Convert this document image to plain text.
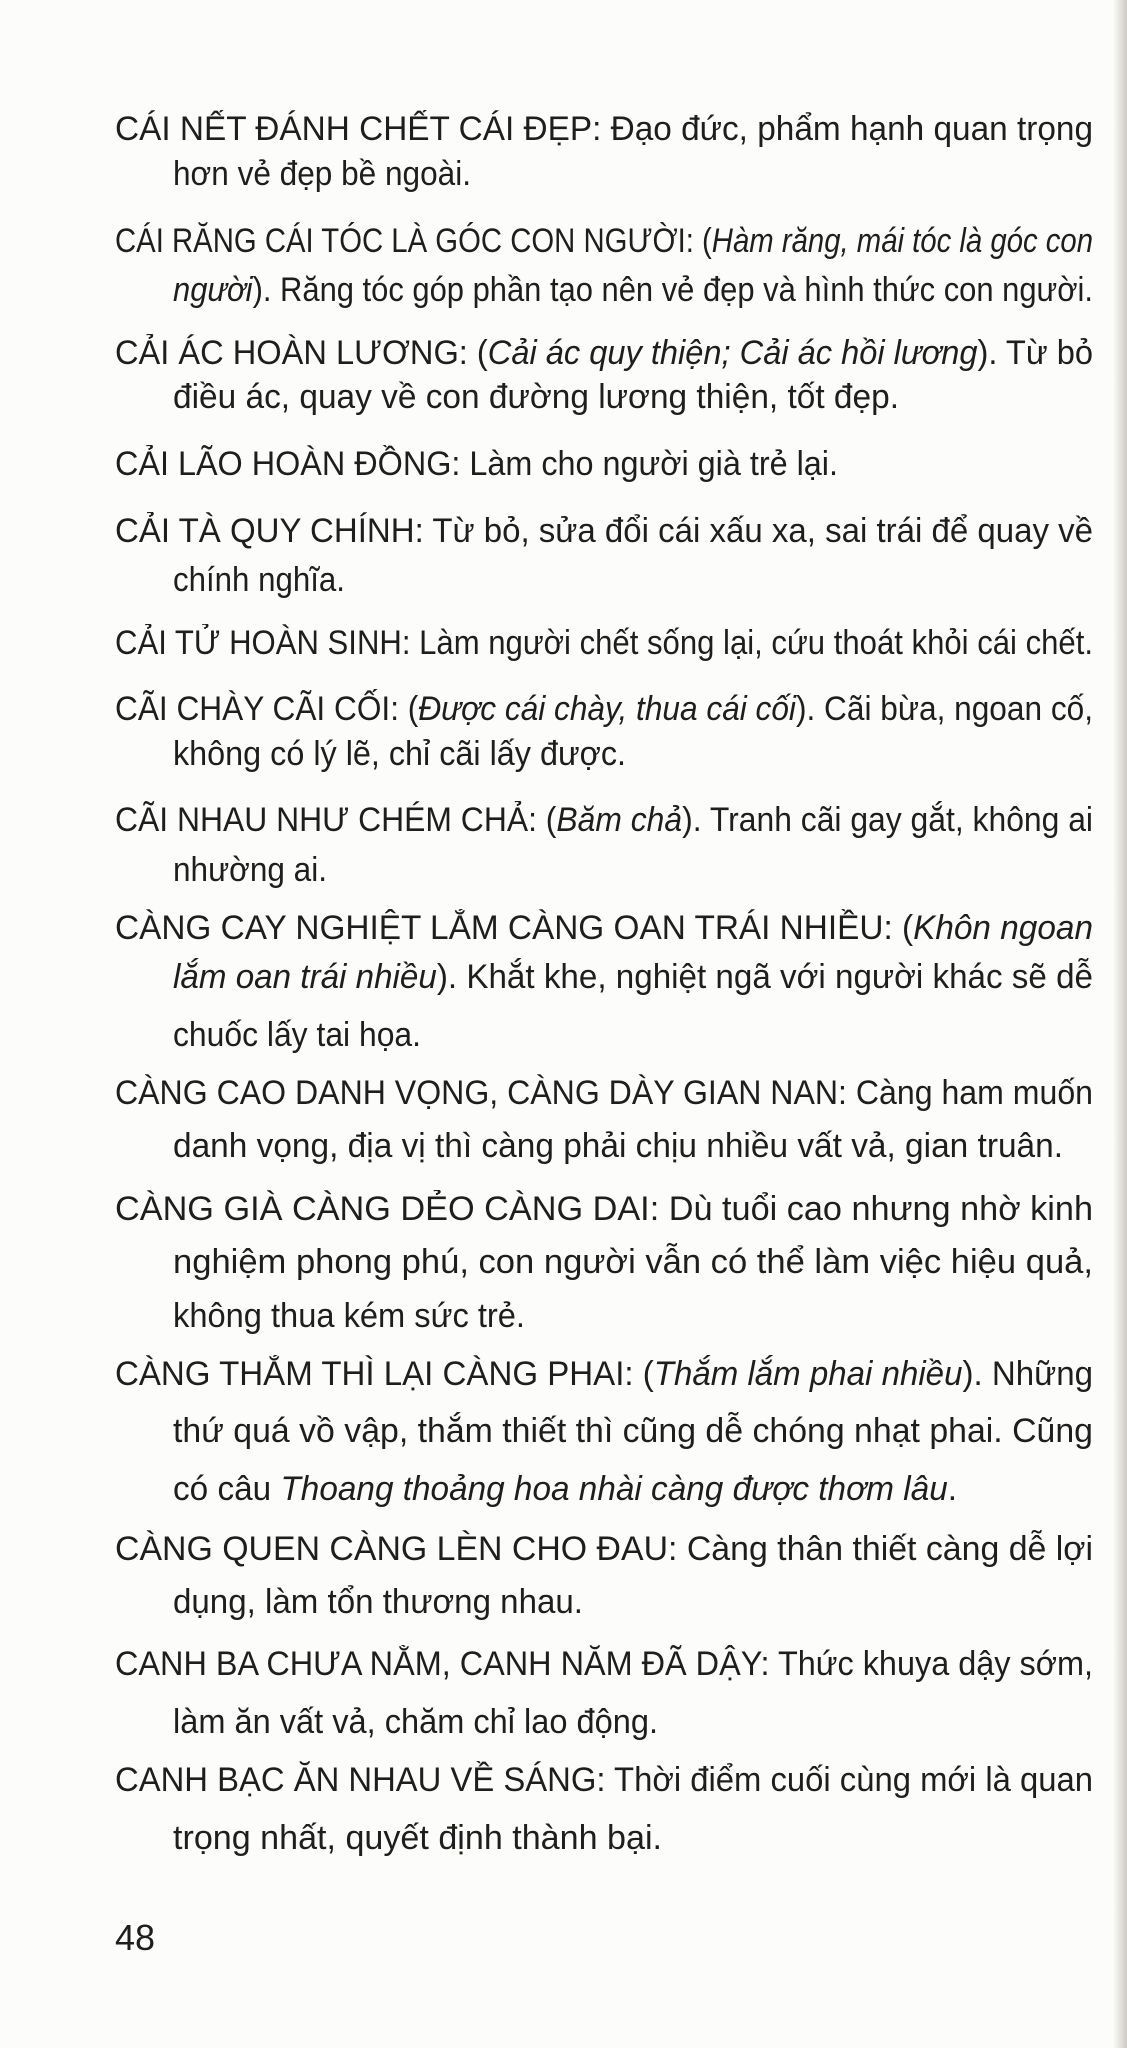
CÁI NẾT ĐÁNH CHẾT CÁI ĐẸP: Đạo đức, phẩm hạnh quan trọng
hơn vẻ đẹp bề ngoài.
CÁI RĂNG CÁI TÓC LÀ GÓC CON NGƯỜI: (Hàm răng, mái tóc là góc con
người). Răng tóc góp phần tạo nên vẻ đẹp và hình thức con người.
CẢI ÁC HOÀN LƯƠNG: (Cải ác quy thiện; Cải ác hồi lương). Từ bỏ
điều ác, quay về con đường lương thiện, tốt đẹp.
CẢI LÃO HOÀN ĐỒNG: Làm cho người già trẻ lại.
CẢI TÀ QUY CHÍNH: Từ bỏ, sửa đổi cái xấu xa, sai trái để quay về
chính nghĩa.
CẢI TỬ HOÀN SINH: Làm người chết sống lại, cứu thoát khỏi cái chết.
CÃI CHÀY CÃI CỐI: (Được cái chày, thua cái cối). Cãi bừa, ngoan cố,
không có lý lẽ, chỉ cãi lấy được.
CÃI NHAU NHƯ CHÉM CHẢ: (Băm chả). Tranh cãi gay gắt, không ai
nhường ai.
CÀNG CAY NGHIỆT LẮM CÀNG OAN TRÁI NHIỀU: (Khôn ngoan
lắm oan trái nhiều). Khắt khe, nghiệt ngã với người khác sẽ dễ
chuốc lấy tai họa.
CÀNG CAO DANH VỌNG, CÀNG DÀY GIAN NAN: Càng ham muốn
danh vọng, địa vị thì càng phải chịu nhiều vất vả, gian truân.
CÀNG GIÀ CÀNG DẺO CÀNG DAI: Dù tuổi cao nhưng nhờ kinh
nghiệm phong phú, con người vẫn có thể làm việc hiệu quả,
không thua kém sức trẻ.
CÀNG THẮM THÌ LẠI CÀNG PHAI: (Thắm lắm phai nhiều). Những
thứ quá vồ vập, thắm thiết thì cũng dễ chóng nhạt phai. Cũng
có câu Thoang thoảng hoa nhài càng được thơm lâu.
CÀNG QUEN CÀNG LÈN CHO ĐAU: Càng thân thiết càng dễ lợi
dụng, làm tổn thương nhau.
CANH BA CHƯA NẰM, CANH NĂM ĐÃ DẬY: Thức khuya dậy sớm,
làm ăn vất vả, chăm chỉ lao động.
CANH BẠC ĂN NHAU VỀ SÁNG: Thời điểm cuối cùng mới là quan
trọng nhất, quyết định thành bại.
48
